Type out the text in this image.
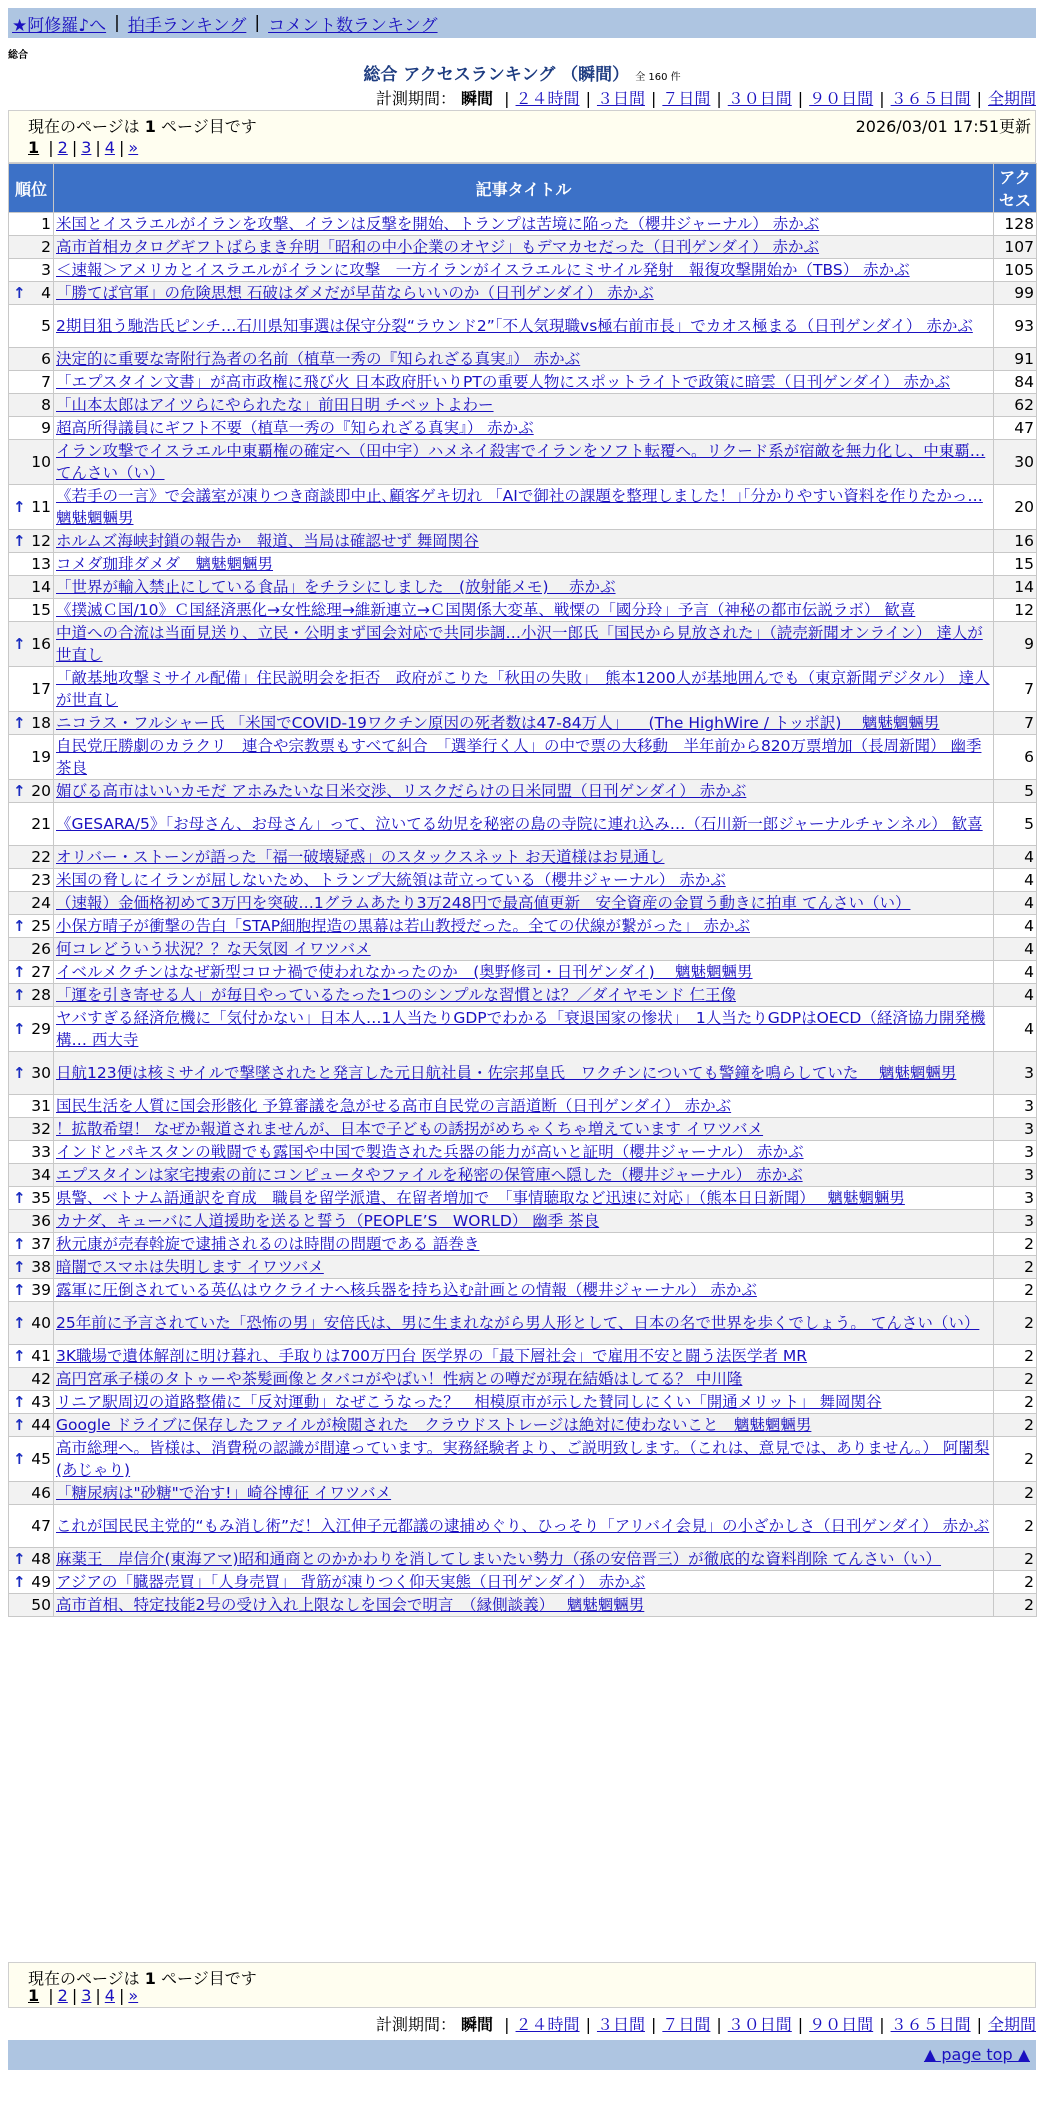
★阿修羅♪へ | 拍手ランキング | コメント数ランキング
総合
総合 アクセスランキング （瞬間） 全 160 件
計測期間： 瞬間 | ２４時間 | ３日間 | ７日間 | ３０日間 | ９０日間 | ３６５日間 | 全期間
現在のページは 1 ページ目です	2026/03/01 17:51更新
1 | 2 | 3 | 4 | »
順位	記事タイトル	アクセス
1	米国とイスラエルがイランを攻撃、イランは反撃を開始、トランプは苦境に陥った（櫻井ジャーナル） 赤かぶ	128
2	高市首相カタログギフトばらまき弁明「昭和の中小企業のオヤジ」もデマカセだった（日刊ゲンダイ） 赤かぶ	107
3	＜速報＞アメリカとイスラエルがイランに攻撃　一方イランがイスラエルにミサイル発射　報復攻撃開始か（TBS） 赤かぶ	105

↑ 4	「勝てば官軍」の危険思想 石破はダメだが早苗ならいいのか（日刊ゲンダイ） 赤かぶ	99
5	2期目狙う馳浩氏ピンチ…石川県知事選は保守分裂“ラウンド2”「不人気現職vs極右前市長」でカオス極まる（日刊ゲンダイ） 赤かぶ	93
6	決定的に重要な寄附行為者の名前（植草一秀の『知られざる真実』） 赤かぶ	91
7	「エプスタイン文書」が高市政権に飛び火 日本政府肝いりPTの重要人物にスポットライトで政策に暗雲（日刊ゲンダイ） 赤かぶ	84
8	「山本太郎はアイツらにやられたな」前田日明 チベットよわー	62
9	超高所得議員にギフト不要（植草一秀の『知られざる真実』） 赤かぶ	47
10	イラン攻撃でイスラエル中東覇権の確定へ（田中宇）ハメネイ殺害でイランをソフト転覆へ。リクード系が宿敵を無力化し、中東覇… てんさい（い）	30

↑ 11	《若手の一言》で会議室が凍りつき商談即中止､顧客ゲキ切れ 「AIで御社の課題を整理しました！｣｢分かりやすい資料を作りたかっ… 魑魅魍魎男	20

↑ 12	ホルムズ海峡封鎖の報告か　報道、当局は確認せず 舞岡関谷	16
13	コメダ珈琲ダメダ　魑魅魍魎男	15
14	「世界が輸入禁止にしている食品」をチラシにしました　(放射能メモ)　 赤かぶ	14
15	《撲滅Ｃ国/10》Ｃ国経済悪化→女性総理→維新連立→Ｃ国関係大変革、戦慄の「國分玲」予言（神秘の都市伝説ラボ） 歓喜	12

↑ 16	中道への合流は当面見送り、立民・公明まず国会対応で共同歩調…小沢一郎氏「国民から見放された」（読売新聞オンライン） 達人が世直し	9
17	「敵基地攻撃ミサイル配備」住民説明会を拒否　政府がこりた「秋田の失敗」　熊本1200人が基地囲んでも（東京新聞デジタル） 達人が世直し	7

↑ 18	ニコラス・フルシャー氏 「米国でCOVID-19ワクチン原因の死者数は47-84万人」 　(The HighWire / トッポ訳)　 魑魅魍魎男	7
19	自民党圧勝劇のカラクリ　連合や宗教票もすべて糾合　「選挙行く人」の中で票の大移動　半年前から820万票増加（長周新聞） 幽季 茶良	6

↑ 20	媚びる高市はいいカモだ アホみたいな日米交渉、リスクだらけの日米同盟（日刊ゲンダイ） 赤かぶ	5
21	《GESARA/5》「お母さん、お母さん」って、泣いてる幼児を秘密の島の寺院に連れ込み…（石川新一郎ジャーナルチャンネル） 歓喜	5
22	オリバー・ストーンが語った「福一破壊疑惑」のスタックスネット お天道様はお見通し	4
23	米国の脅しにイランが屈しないため、トランプ大統領は苛立っている（櫻井ジャーナル） 赤かぶ	4
24	（速報）金価格初めて3万円を突破…1グラムあたり3万248円で最高値更新　安全資産の金買う動きに拍車 てんさい（い）	4

↑ 25	小保方晴子が衝撃の告白「STAP細胞捏造の黒幕は若山教授だった。全ての伏線が繋がった」 赤かぶ	4
26	何コレどういう状況？？な天気図 イワツバメ	4

↑ 27	イベルメクチンはなぜ新型コロナ禍で使われなかったのか　(奥野修司・日刊ゲンダイ)　 魑魅魍魎男	4

↑ 28	「運を引き寄せる人」が毎日やっているたった1つのシンプルな習慣とは？／ダイヤモンド 仁王像	4

↑ 29	ヤバすぎる経済危機に「気付かない」日本人…1人当たりGDPでわかる「衰退国家の惨状」　1人当たりGDPはOECD（経済協力開発機構… 西大寺	4

↑ 30	日航123便は核ミサイルで撃墜されたと発言した元日航社員・佐宗邦皇氏　ワクチンについても警鐘を鳴らしていた　 魑魅魍魎男	3
31	国民生活を人質に国会形骸化 予算審議を急がせる高市自民党の言語道断（日刊ゲンダイ） 赤かぶ	3
32	！拡散希望！ なぜか報道されませんが、日本で子どもの誘拐がめちゃくちゃ増えています イワツバメ	3
33	インドとパキスタンの戦闘でも露国や中国で製造された兵器の能力が高いと証明（櫻井ジャーナル） 赤かぶ	3
34	エプスタインは家宅捜索の前にコンピュータやファイルを秘密の保管庫へ隠した（櫻井ジャーナル） 赤かぶ	3

↑ 35	県警、ベトナム語通訳を育成　職員を留学派遣、在留者増加で　「事情聴取など迅速に対応」（熊本日日新聞）　 魑魅魍魎男	3
36	カナダ、キューバに人道援助を送ると誓う（PEOPLE’S　WORLD） 幽季 茶良	3

↑ 37	秋元康が売春斡旋で逮捕されるのは時間の問題である 語巻き	2

↑ 38	暗闇でスマホは失明します イワツバメ	2

↑ 39	露軍に圧倒されている英仏はウクライナへ核兵器を持ち込む計画との情報（櫻井ジャーナル） 赤かぶ	2

↑ 40	25年前に予言されていた「恐怖の男」安倍氏は、男に生まれながら男人形として、日本の名で世界を歩くでしょう。 てんさい（い）	2

↑ 41	3K職場で遺体解剖に明け暮れ、手取りは700万円台 医学界の「最下層社会」で雇用不安と闘う法医学者 MR	2
42	高円宮承子様のタトゥーや茶髪画像とタバコがやばい！性病との噂だが現在結婚はしてる？ 中川隆	2

↑ 43	リニア駅周辺の道路整備に「反対運動」なぜこうなった？　相模原市が示した賛同しにくい「開通メリット」 舞岡関谷	2

↑ 44	Google ドライブに保存したファイルが検閲された　クラウドストレージは絶対に使わないこと　魑魅魍魎男	2

↑ 45	高市総理へ。皆様は、消費税の認識が間違っています。実務経験者より、ご説明致します。（これは、意見では、ありません。） 阿闍梨(あじゃり)	2
46	「糖尿病は"砂糖"で治す!」崎谷博征 イワツバメ	2
47	これが国民民主党的“もみ消し術”だ！入江伸子元都議の逮捕めぐり、ひっそり「アリバイ会見」の小ざかしさ（日刊ゲンダイ） 赤かぶ	2

↑ 48	麻薬王　岸信介(東海アマ)昭和通商とのかかわりを消してしまいたい勢力（孫の安倍晋三）が徹底的な資料削除 てんさい（い）	2

↑ 49	アジアの「臓器売買」「人身売買」 背筋が凍りつく仰天実態（日刊ゲンダイ） 赤かぶ	2
50	高市首相、特定技能2号の受け入れ上限なしを国会で明言　（縁側談義）　 魑魅魍魎男	2
現在のページは 1 ページ目です
1 | 2 | 3 | 4 | »
計測期間： 瞬間 | ２４時間 | ３日間 | ７日間 | ３０日間 | ９０日間 | ３６５日間 | 全期間
▲ page top ▲
